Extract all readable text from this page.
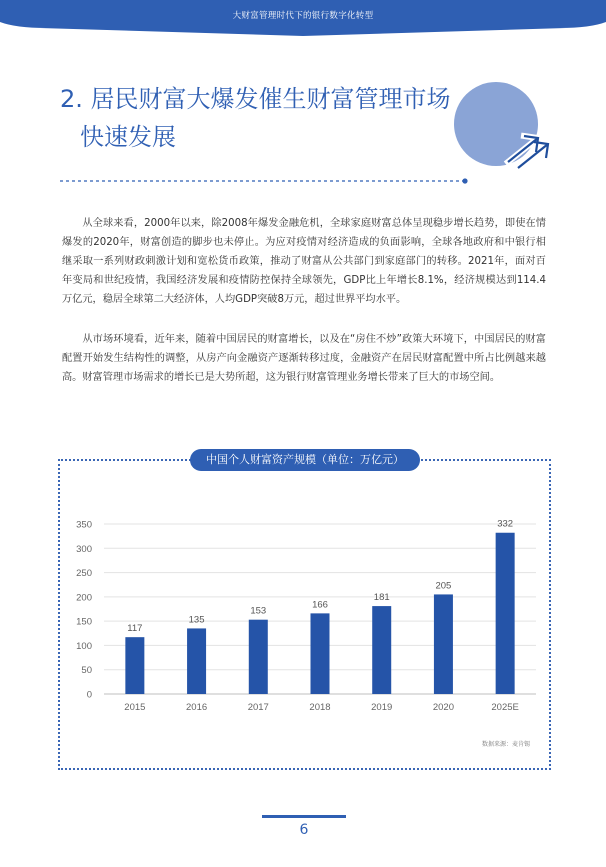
大财富管理时代下的银行数字化转型
2. 居民财富大爆发催生财富管理市场
快速发展

从全球来看，2000年以来，除2008年爆发金融危机，全球家庭财富总体呈现稳步增长趋势，即使在情爆发的2020年，财富创造的脚步也未停止。为应对疫情对经济造成的负面影响，全球各地政府和中银行相继采取一系列财政刺激计划和宽松货币政策，推动了财富从公共部门到家庭部门的转移。2021年，面对百年变局和世纪疫情，我国经济发展和疫情防控保持全球领先，GDP比上年增长8.1%，经济规模达到114.4万亿元，稳居全球第二大经济体，人均GDP突破8万元，超过世界平均水平。

从市场环境看，近年来，随着中国居民的财富增长，以及在“房住不炒”政策大环境下，中国居民的财富配置开始发生结构性的调整，从房产向金融资产逐渐转移过度，金融资产在居民财富配置中所占比例越来越高。财富管理市场需求的增长已是大势所超，这为银行财富管理业务增长带来了巨大的市场空间。

中国个人财富资产规模（单位：万亿元）
0
50
100
150
200
250
300
350
117
2015
135
2016
153
2017
166
2018
181
2019
205
2020
332
2025E
数据来源：麦肯锡
6
